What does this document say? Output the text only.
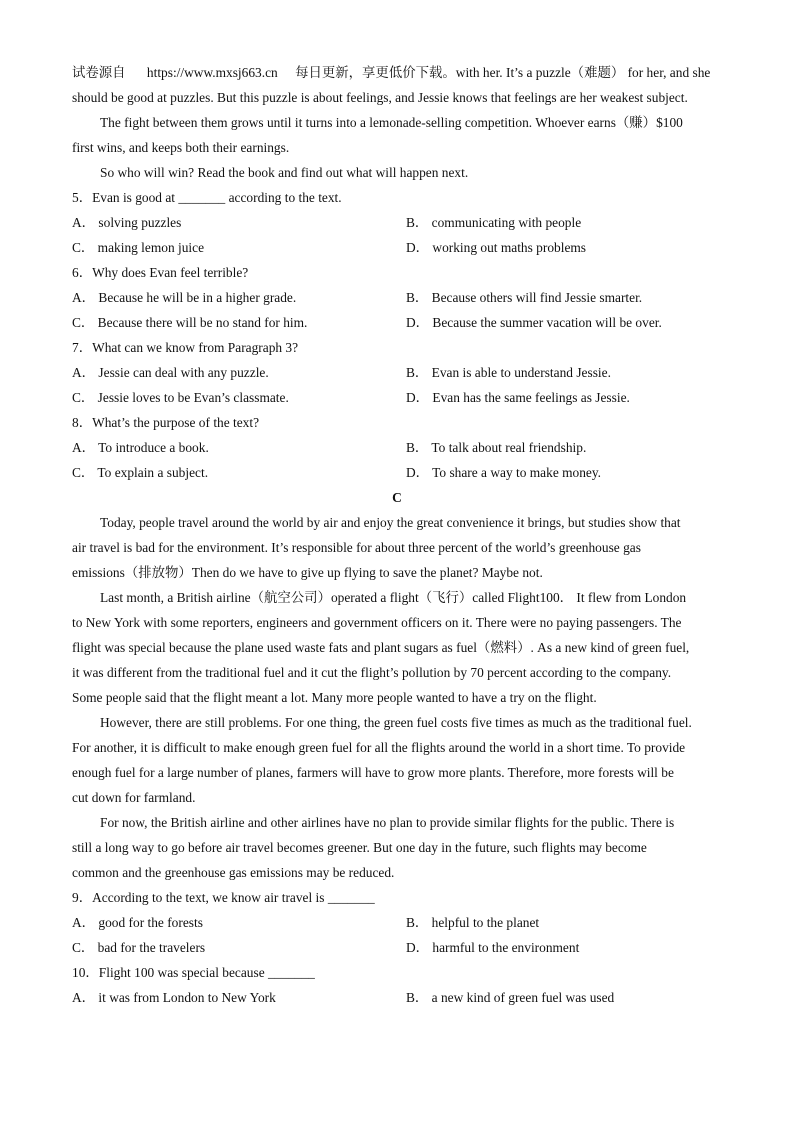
试卷源自 https://www.mxsj663.cn 每日更新，享更低价下载。with her. It’s a puzzle（难题） for her, and she
should be good at puzzles. But this puzzle is about feelings, and Jessie knows that feelings are her weakest subject.
The fight between them grows until it turns into a lemonade-selling competition. Whoever earns（赚）$100
first wins, and keeps both their earnings.
So who will win? Read the book and find out what will happen next.
5．Evan is good at _______ according to the text.
A． solving puzzles	B． communicating with people
C． making lemon juice	D． working out maths problems
6．Why does Evan feel terrible?
A． Because he will be in a higher grade.	B． Because others will find Jessie smarter.
C． Because there will be no stand for him.	D． Because the summer vacation will be over.
7．What can we know from Paragraph 3?
A． Jessie can deal with any puzzle.	B． Evan is able to understand Jessie.
C． Jessie loves to be Evan’s classmate.	D． Evan has the same feelings as Jessie.
8．What’s the purpose of the text?
A． To introduce a book.	B． To talk about real friendship.
C． To explain a subject.	D． To share a way to make money.
C
Today, people travel around the world by air and enjoy the great convenience it brings, but studies show that
air travel is bad for the environment. It’s responsible for about three percent of the world’s greenhouse gas
emissions（排放物）Then do we have to give up flying to save the planet? Maybe not.
Last month, a British airline（航空公司）operated a flight（飞行）called Flight100． It flew from London
to New York with some reporters, engineers and government officers on it. There were no paying passengers. The
flight was special because the plane used waste fats and plant sugars as fuel（燃料）. As a new kind of green fuel,
it was different from the traditional fuel and it cut the flight’s pollution by 70 percent according to the company.
Some people said that the flight meant a lot. Many more people wanted to have a try on the flight.
However, there are still problems. For one thing, the green fuel costs five times as much as the traditional fuel.
For another, it is difficult to make enough green fuel for all the flights around the world in a short time. To provide
enough fuel for a large number of planes, farmers will have to grow more plants. Therefore, more forests will be
cut down for farmland.
For now, the British airline and other airlines have no plan to provide similar flights for the public. There is
still a long way to go before air travel becomes greener. But one day in the future, such flights may become
common and the greenhouse gas emissions may be reduced.
9．According to the text, we know air travel is _______
A． good for the forests	B． helpful to the planet
C． bad for the travelers	D． harmful to the environment
10．Flight 100 was special because _______
A． it was from London to New York	B． a new kind of green fuel was used
